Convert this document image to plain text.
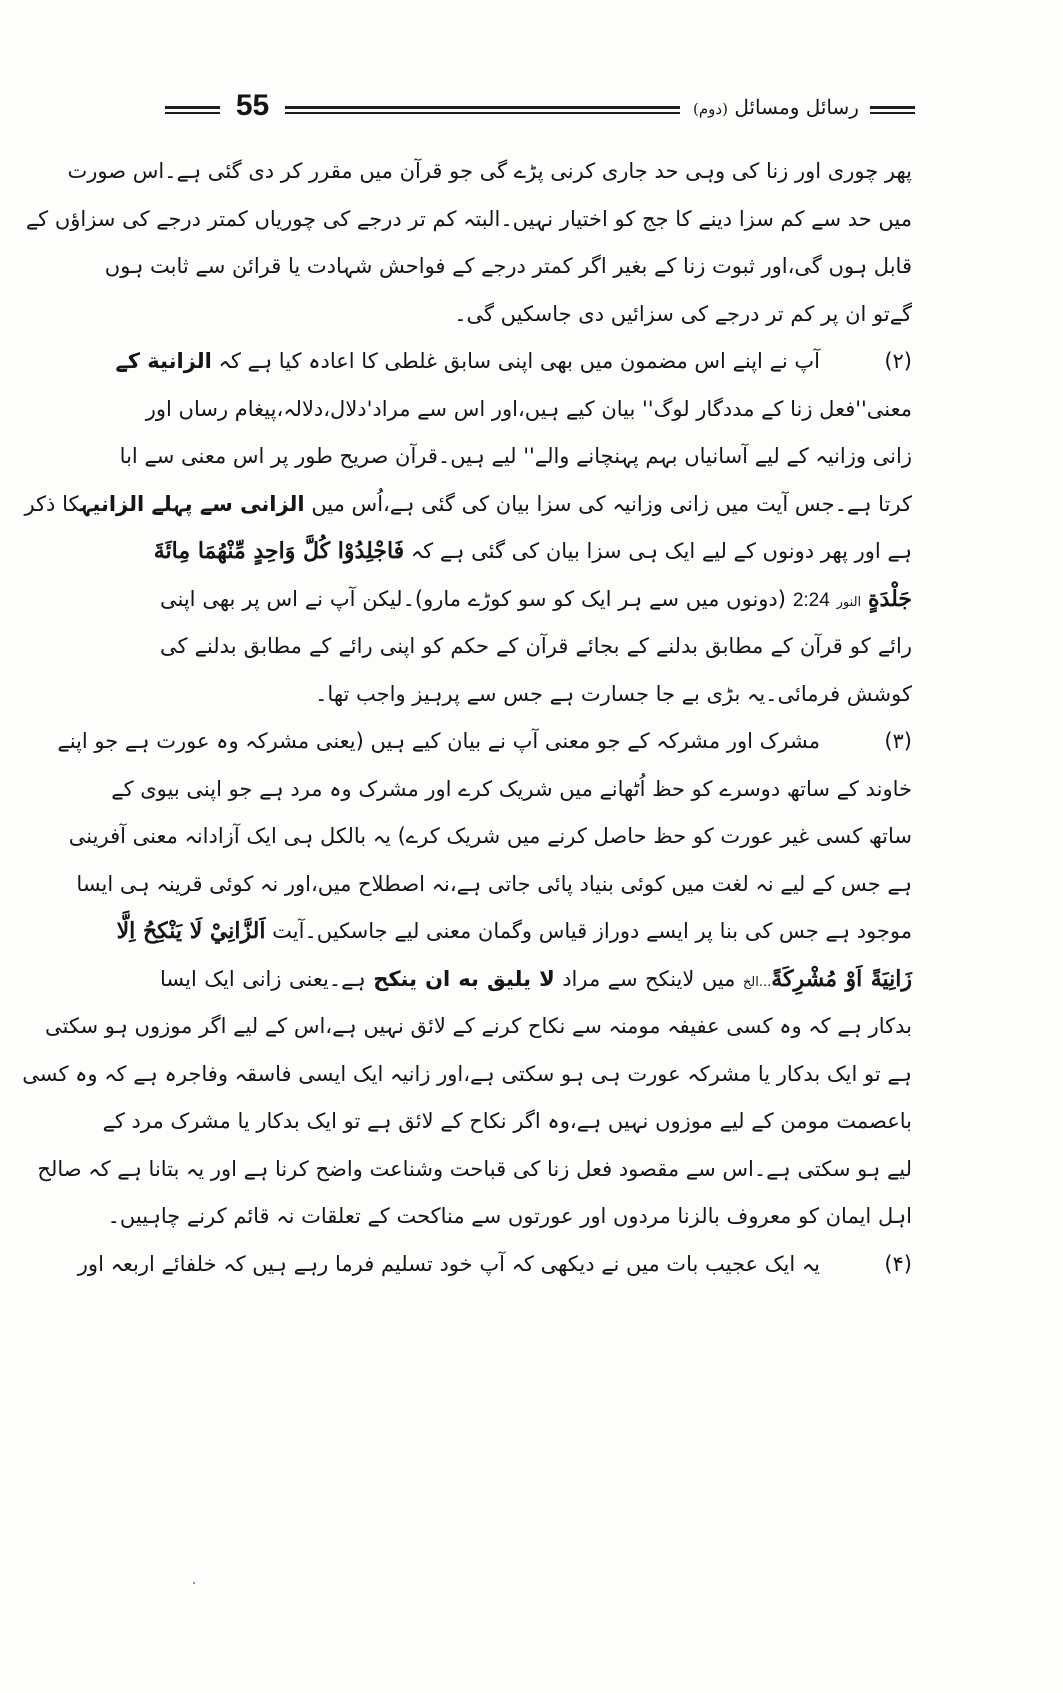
55	رسائل ومسائل (دوم)
پھر چوری اور زنا کی وہی حد جاری کرنی پڑے گی جو قرآن میں مقرر کر دی گئی ہے۔اس صورت
میں حد سے کم سزا دینے کا جج کو اختیار نہیں۔البتہ کم تر درجے کی چوریاں کمتر درجے کی سزاؤں کے
قابل ہوں گی،اور ثبوت زنا کے بغیر اگر کمتر درجے کے فواحش شہادت یا قرائن سے ثابت ہوں
گےتو ان پر کم تر درجے کی سزائیں دی جاسکیں گی۔
(۲)آپ نے اپنے اس مضمون میں بھی اپنی سابق غلطی کا اعادہ کیا ہے کہ الزانیة کے
معنی''فعل زنا کے مددگار لوگ'' بیان کیے ہیں،اور اس سے مراد'دلال،دلالہ،پیغام رساں اور
زانی وزانیہ کے لیے آسانیاں بہم پہنچانے والے'' لیے ہیں۔قرآن صریح طور پر اس معنی سے ابا
کرتا ہے۔جس آیت میں زانی وزانیہ کی سزا بیان کی گئی ہے،اُس میں الزانی سے پہلے الزانیہکا ذکر
ہے اور پھر دونوں کے لیے ایک ہی سزا بیان کی گئی ہے کہ فَاجْلِدُوْا كُلَّ وَاحِدٍ مِّنْهُمَا مِائَةَ
جَلْدَةٍ النور 2:24 (دونوں میں سے ہر ایک کو سو کوڑے مارو)۔لیکن آپ نے اس پر بھی اپنی
رائے کو قرآن کے مطابق بدلنے کے بجائے قرآن کے حکم کو اپنی رائے کے مطابق بدلنے کی
کوشش فرمائی۔یہ بڑی بے جا جسارت ہے جس سے پرہیز واجب تھا۔
(۳)مشرک اور مشرکہ کے جو معنی آپ نے بیان کیے ہیں (یعنی مشرکہ وہ عورت ہے جو اپنے
خاوند کے ساتھ دوسرے کو حظ اُٹھانے میں شریک کرے اور مشرک وہ مرد ہے جو اپنی بیوی کے
ساتھ کسی غیر عورت کو حظ حاصل کرنے میں شریک کرے) یہ بالکل ہی ایک آزادانہ معنی آفرینی
ہے جس کے لیے نہ لغت میں کوئی بنیاد پائی جاتی ہے،نہ اصطلاح میں،اور نہ کوئی قرینہ ہی ایسا
موجود ہے جس کی بنا پر ایسے دوراز قیاس وگمان معنی لیے جاسکیں۔آیت اَلزَّانِيْ لَا يَنْكِحُ اِلَّا
زَانِيَةً اَوْ مُشْرِكَةً...الخ میں لاینکح سے مراد لا یلیق به ان ینکح ہے۔یعنی زانی ایک ایسا
بدکار ہے کہ وہ کسی عفیفہ مومنہ سے نکاح کرنے کے لائق نہیں ہے،اس کے لیے اگر موزوں ہو سکتی
ہے تو ایک بدکار یا مشرکہ عورت ہی ہو سکتی ہے،اور زانیہ ایک ایسی فاسقہ وفاجرہ ہے کہ وہ کسی
باعصمت مومن کے لیے موزوں نہیں ہے،وہ اگر نکاح کے لائق ہے تو ایک بدکار یا مشرک مرد کے
لیے ہو سکتی ہے۔اس سے مقصود فعل زنا کی قباحت وشناعت واضح کرنا ہے اور یہ بتانا ہے کہ صالح
اہل ایمان کو معروف بالزنا مردوں اور عورتوں سے مناکحت کے تعلقات نہ قائم کرنے چاہییں۔
(۴)یہ ایک عجیب بات میں نے دیکھی کہ آپ خود تسلیم فرما رہے ہیں کہ خلفائے اربعہ اور
